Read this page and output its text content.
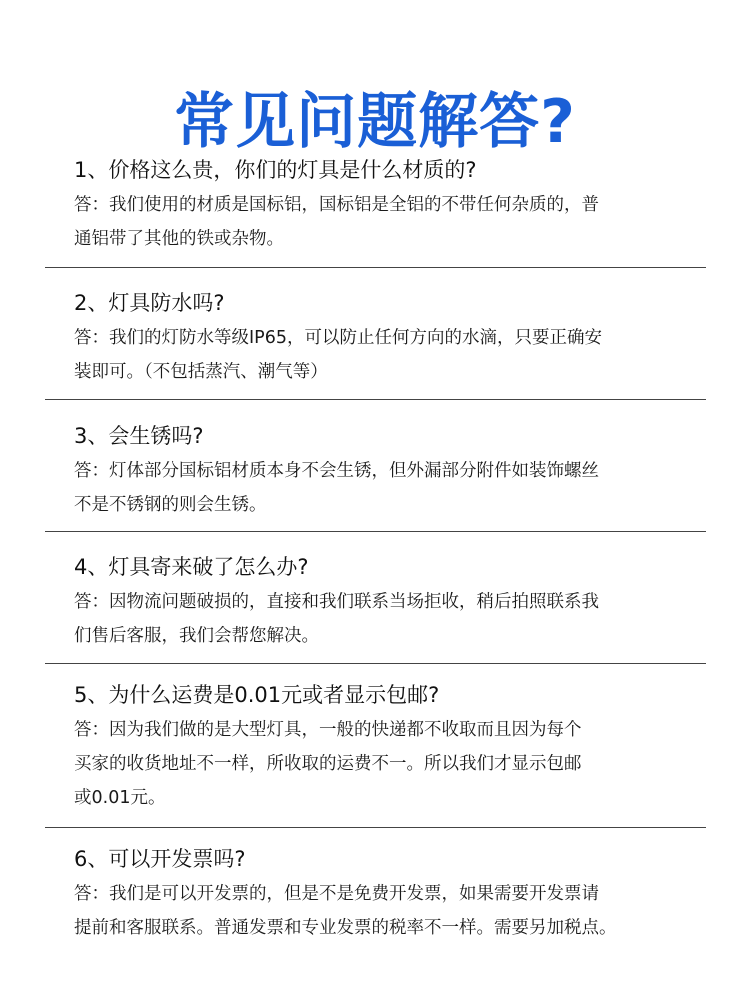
常见问题解答?

1、价格这么贵，你们的灯具是什么材质的?

答：我们使用的材质是国标铝，国标铝是全铝的不带任何杂质的，普
通铝带了其他的铁或杂物。

2、灯具防水吗?

答：我们的灯防水等级IP65，可以防止任何方向的水滴，只要正确安
装即可。（不包括蒸汽、潮气等）

3、会生锈吗?

答：灯体部分国标铝材质本身不会生锈，但外漏部分附件如装饰螺丝
不是不锈钢的则会生锈。

4、灯具寄来破了怎么办?

答：因物流问题破损的，直接和我们联系当场拒收，稍后拍照联系我
们售后客服，我们会帮您解决。

5、为什么运费是0.01元或者显示包邮?

答：因为我们做的是大型灯具，一般的快递都不收取而且因为每个
买家的收货地址不一样，所收取的运费不一。所以我们才显示包邮
或0.01元。

6、可以开发票吗?

答：我们是可以开发票的，但是不是免费开发票，如果需要开发票请
提前和客服联系。普通发票和专业发票的税率不一样。需要另加税点。
